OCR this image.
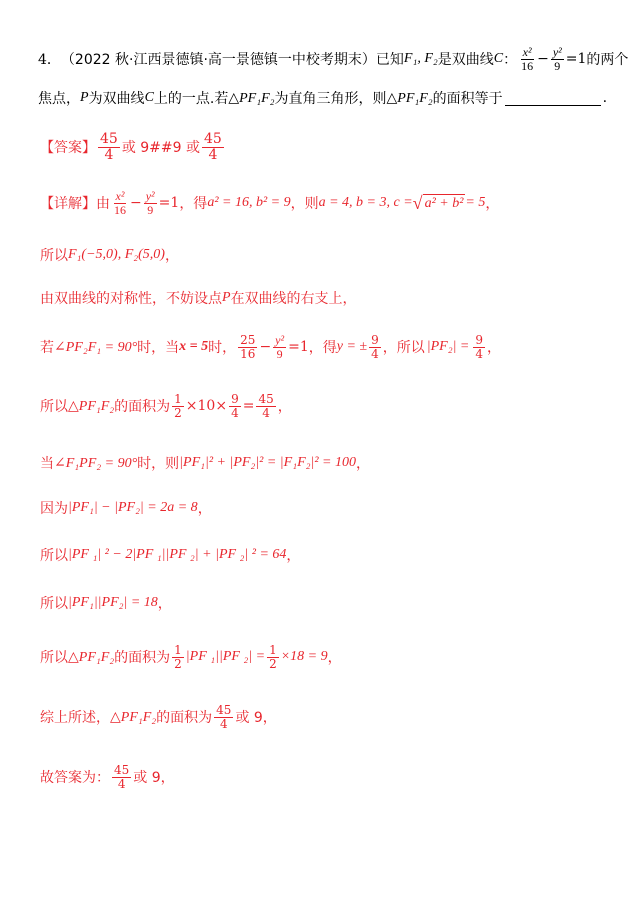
4． （2022 秋·江西景德镇·高一景德镇一中校考期末） 已知 F₁, F₂ 是双曲线 C ： $\frac{\text{x²}}{16} - \frac{\text{y²}}{9} =1$ 的两个
焦点， P 为双曲线 C 上的一点.若 △PF₁F₂ 为直角三角形，则 △PF₁F₂ 的面积等于	.
【答案】 $\frac{45}{4}$ 或 9##9 或 $\frac{45}{4}$
【详解】 由 $\frac{\text{x²}}{16} - \frac{\text{y²}}{9} =1$ ，得 a² = 16, b² = 9 ，则 a = 4, b = 3, c = √ a² + b² = 5 ，
所以 F₁(−5,0), F₂(5,0) ，
由双曲线的对称性，不妨设点 P 在双曲线的右支上，
若 ∠PF₂F₁ = 90° 时，当 x = 5 时， $\frac{25}{16} - \frac{\text{y²}}{9} =1$ ，得 y = ± $\frac{9}{4}$ ，所以 $|PF_2| = \frac{9}{4}$ ，
所以 △PF₁F₂ 的面积为 $\frac{1}{2} \times 10\times \frac{9}{4} = \frac{45}{4}$ ，
当 ∠F₁PF₂ = 90° 时，则 |PF₁|² + |PF₂|² = |F₁F₂|² = 100 ，
因为 |PF₁| − |PF₂| = 2a = 8 ，
所以 |PF ₁| ² − 2|PF ₁||PF ₂| + |PF ₂| ² = 64 ，
所以 |PF₁||PF₂| = 18 ，
所以 △PF₁F₂ 的面积为 $\frac{1}{2} |PF$ ₁||PF $_2| = \frac{1}{2} \times 18 = 9$ ，
综上所述， △PF₁F₂ 的面积为 $\frac{45}{4}$ 或 9，
故答案为： $\frac{45}{4}$ 或 9，
